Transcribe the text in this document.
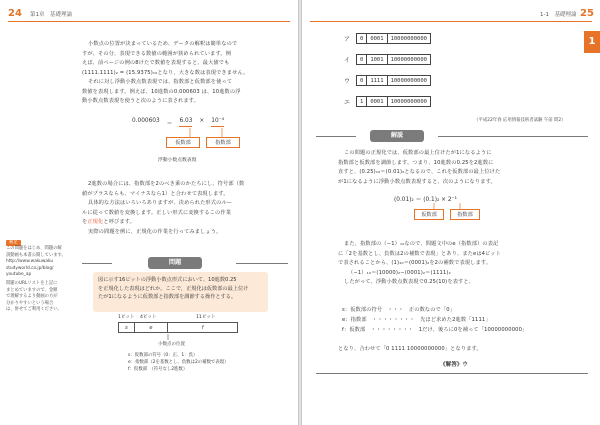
24 第1章　基礎理論
小数点の位置が決まっているため、データの解釈は簡単なので
すが、その分、表現できる数値の範囲が狭められています。例
えば、前ページの例の8けたで数値を表現すると、最大値でも
(1111.1111)₂ = (15.9375)₁₀となり、大きな数は表現できません。
それに対し浮動小数点数表現では、指数部と仮数部を使って
数値を表現します。例えば、10進数の0.000603 は、10進数の浮
動小数点数表現を使うと次のように表されます。
0.000603 ＝ 6.03 × 10⁻⁴
仮数部	指数部
浮動小数点数表現
2進数の場合には、指数部を2のべき乗のかたちにし、符号部（数
値がプラスならも、マイナスなら1）と合わせて表現します。
具体的な方法はいろいろありますが、決められた形式のルー
ルに従って数値を変換します。正しい形式に変換するこの作業
を正規化と呼びます。
実際の問題を例に、正規化の作業を行ってみましょう。
補足
この問題をはじめ、問題の解
説動画も本書公開しています。
http://www.wakuwaku
studyworld.co.jp/blog/
youtube_ap
問題のURLリストを上記に
まとめていますので、金額
で理解するより動画の方が
分かりやすいという場合
は、併せてご利用ください。
問題
図に示す16ビットの浮動小数点形式において、10進数0.25
を正規化した表現はどれか。ここで，正規化は仮数部の最上位け
たが1になるように仮数部と指数部を調節する操作とする。
1ビット	4ビット	11ビット
s	e	f
小数点の位置
s：仮数部の符号（0：正、1：負）
e：指数部（2を基数とし、負数は2の補数で表現）
f：仮数部　（符号なし2進数）
1-1　基礎理論 25
ア	0	0001	10000000000
イ	0	1001	10000000000
ウ	0	1111	10000000000
エ	1	0001	10000000000
（平成22年春 応用情報技術者試験 午前 問2）
解説
この問題の正規化では、仮数部の最上位けたが1になるように
指数部と仮数部を調節します。つまり、10進数の0.25を2進数に
直すと、(0.25)₁₀＝(0.01)₂となるので、これを仮数部の最上位けた
が1になるように浮動小数点数表現すると、次のようになります。
(0.01)₂ ＝ (0.1)₂ × 2⁻¹
仮数部	指数部
また、指数部の（−1）₁₀なので、問題文中のe（指数部）の表記
に「2を基数とし、負数は2の補数で表現」とあり、またeは4ビット
で表されることから、(1)₁₀＝(0001)₂を2の補数で表現します。
（−1）₁₀＝(10000)₂−(0001)₂＝(1111)₂
したがって、浮動小数点数表現で0.25(10)を表すと、
s：仮数部の符号　・・・　正の数なので「0」
e：指数部　・・・・・・・・　先ほど求めた2進数「1111」
f：仮数部　・・・・・・・・　1だけ、後ろに0を補って「10000000000」
となり、合わせて「0 1111 10000000000」となります。
《解答》ウ
1
